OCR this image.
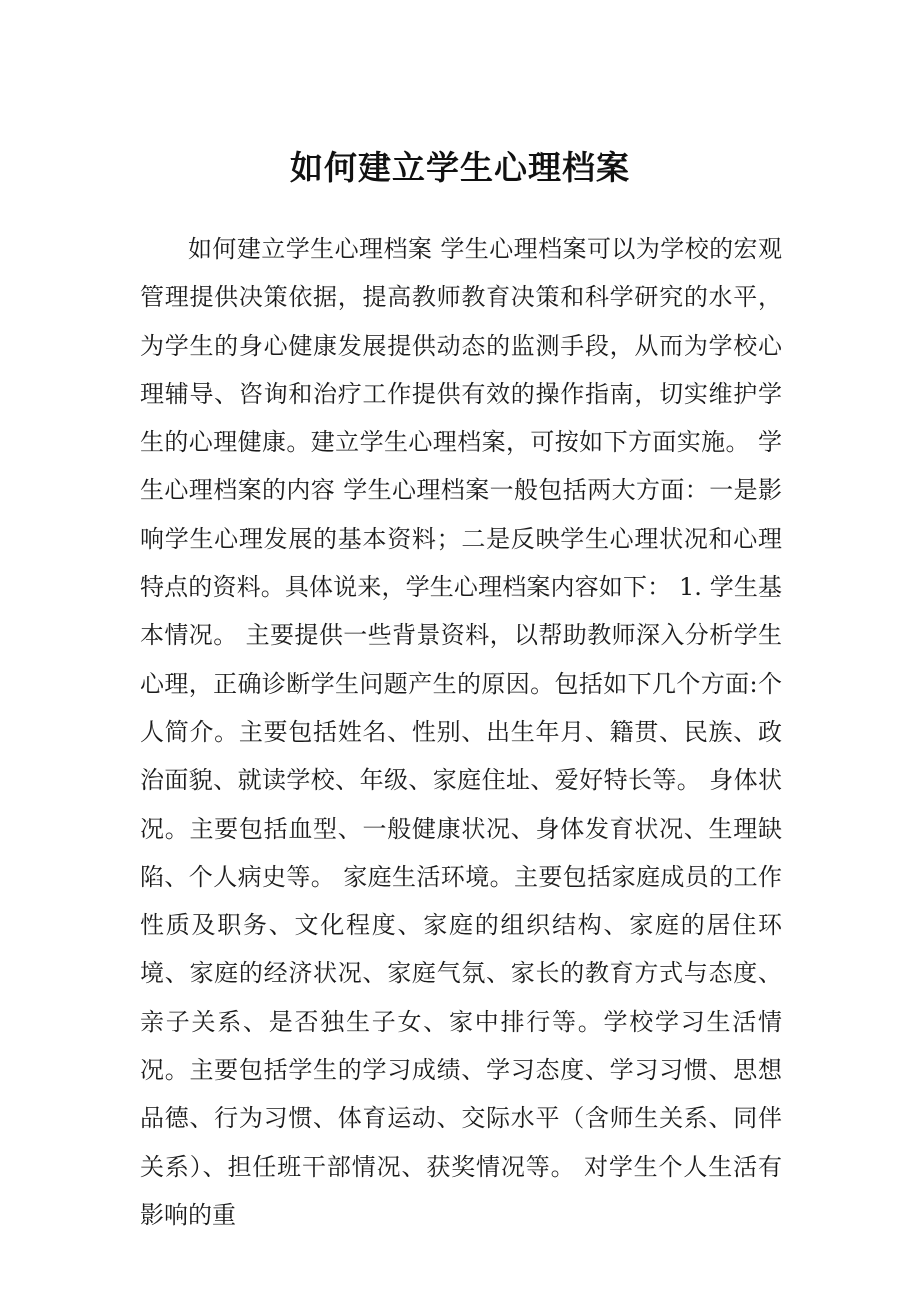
如何建立学生心理档案

如何建立学生心理档案 学生心理档案可以为学校的宏观管理提供决策依据，提高教师教育决策和科学研究的水平，为学生的身心健康发展提供动态的监测手段，从而为学校心理辅导、咨询和治疗工作提供有效的操作指南，切实维护学生的心理健康。建立学生心理档案，可按如下方面实施。 学生心理档案的内容 学生心理档案一般包括两大方面：一是影响学生心理发展的基本资料；二是反映学生心理状况和心理特点的资料。具体说来，学生心理档案内容如下： 1. 学生基本情况。 主要提供一些背景资料，以帮助教师深入分析学生心理，正确诊断学生问题产生的原因。包括如下几个方面:个人简介。主要包括姓名、性别、出生年月、籍贯、民族、政治面貌、就读学校、年级、家庭住址、爱好特长等。 身体状况。主要包括血型、一般健康状况、身体发育状况、生理缺陷、个人病史等。 家庭生活环境。主要包括家庭成员的工作性质及职务、文化程度、家庭的组织结构、家庭的居住环境、家庭的经济状况、家庭气氛、家长的教育方式与态度、亲子关系、是否独生子女、家中排行等。学校学习生活情况。主要包括学生的学习成绩、学习态度、学习习惯、思想品德、行为习惯、体育运动、交际水平（含师生关系、同伴关系）、担任班干部情况、获奖情况等。 对学生个人生活有影响的重
